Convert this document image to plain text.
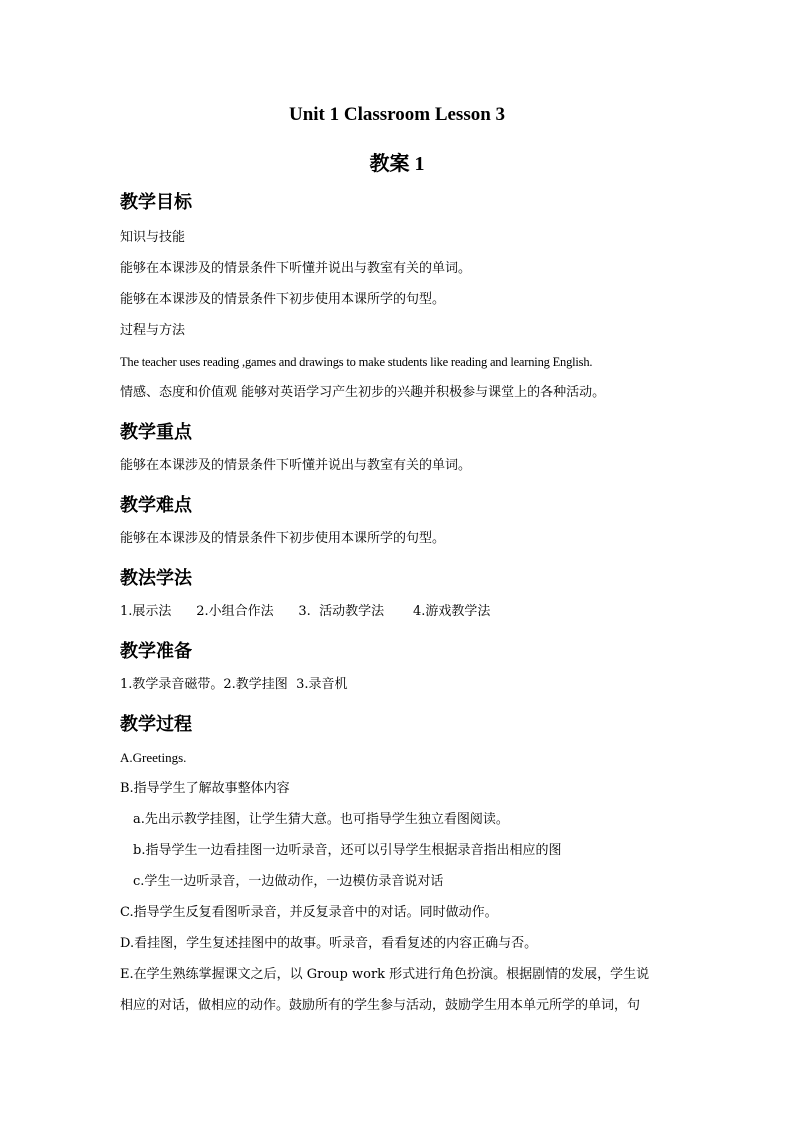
Unit 1 Classroom Lesson 3
教案 1
教学目标
知识与技能
能够在本课涉及的情景条件下听懂并说出与教室有关的单词。
能够在本课涉及的情景条件下初步使用本课所学的句型。
过程与方法
The teacher uses reading ,games and drawings to make students like reading and learning English.
情感、态度和价值观 能够对英语学习产生初步的兴趣并积极参与课堂上的各种活动。
教学重点
能够在本课涉及的情景条件下听懂并说出与教室有关的单词。
教学难点
能够在本课涉及的情景条件下初步使用本课所学的句型。
教法学法
1.展示法      2.小组合作法      3.  活动教学法       4.游戏教学法
教学准备
1.教学录音磁带。2.教学挂图  3.录音机
教学过程
A.Greetings.
B.指导学生了解故事整体内容
a.先出示教学挂图，让学生猜大意。也可指导学生独立看图阅读。
b.指导学生一边看挂图一边听录音，还可以引导学生根据录音指出相应的图
c.学生一边听录音，一边做动作，一边模仿录音说对话
C.指导学生反复看图听录音，并反复录音中的对话。同时做动作。
D.看挂图，学生复述挂图中的故事。听录音，看看复述的内容正确与否。
E.在学生熟练掌握课文之后，以 Group work 形式进行角色扮演。根据剧情的发展，学生说
相应的对话，做相应的动作。鼓励所有的学生参与活动，鼓励学生用本单元所学的单词，句
